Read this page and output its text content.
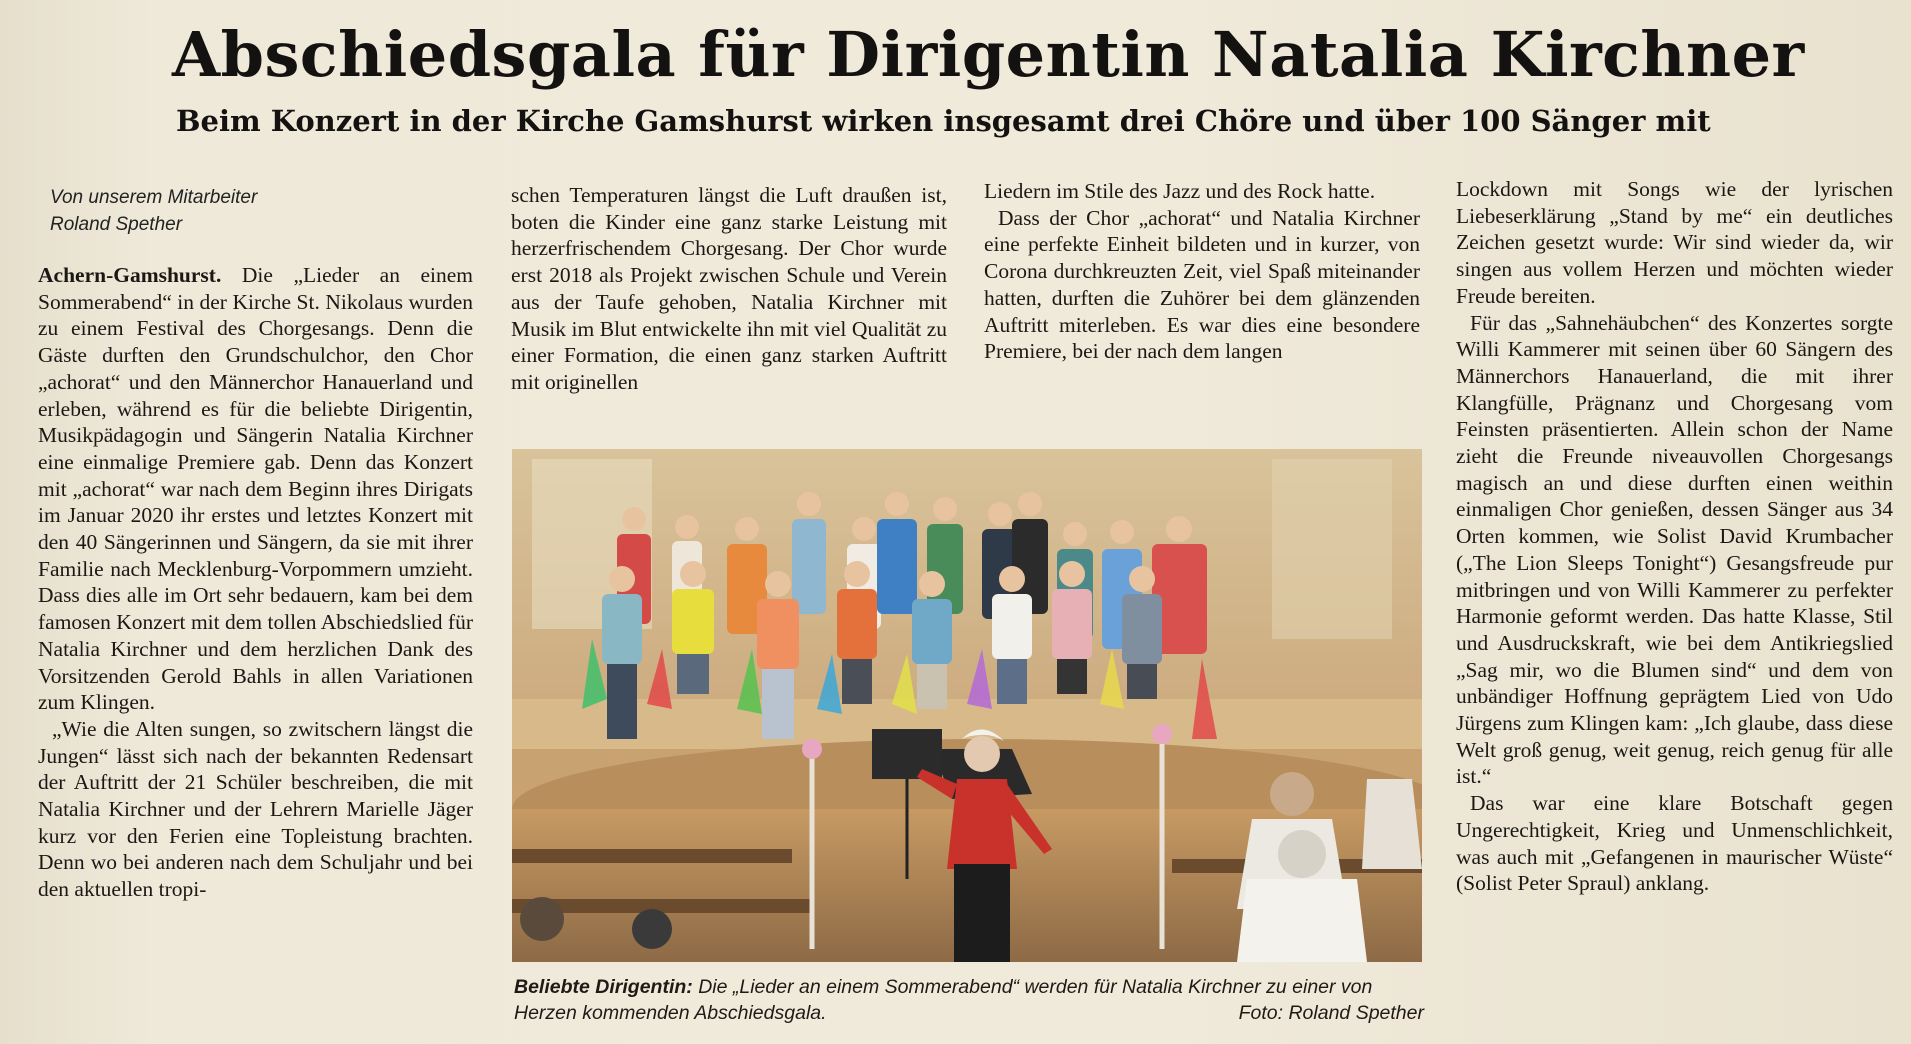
Abschiedsgala für Dirigentin Natalia Kirchner
Beim Konzert in der Kirche Gamshurst wirken insgesamt drei Chöre und über 100 Sänger mit
Von unserem Mitarbeiter
Roland Spether

Achern-Gamshurst. Die „Lieder an einem Sommerabend“ in der Kirche St. Nikolaus wurden zu einem Festival des Chorgesangs. Denn die Gäste durften den Grundschulchor, den Chor „achorat“ und den Männerchor Hanauerland und erleben, während es für die beliebte Dirigentin, Musikpädagogin und Sängerin Natalia Kirchner eine einmalige Premiere gab. Denn das Konzert mit „achorat“ war nach dem Beginn ihres Dirigats im Januar 2020 ihr erstes und letztes Konzert mit den 40 Sängerinnen und Sängern, da sie mit ihrer Familie nach Mecklenburg-Vorpommern umzieht. Dass dies alle im Ort sehr bedauern, kam bei dem famosen Konzert mit dem tollen Abschiedslied für Natalia Kirchner und dem herzlichen Dank des Vorsitzenden Gerold Bahls in allen Variationen zum Klingen.

„Wie die Alten sungen, so zwitschern längst die Jungen“ lässt sich nach der bekannten Redensart der Auftritt der 21 Schüler beschreiben, die mit Natalia Kirchner und der Lehrern Marielle Jäger kurz vor den Ferien eine Topleistung brachten. Denn wo bei anderen nach dem Schuljahr und bei den aktuellen tropi-

schen Temperaturen längst die Luft draußen ist, boten die Kinder eine ganz starke Leistung mit herzerfrischendem Chorgesang. Der Chor wurde erst 2018 als Projekt zwischen Schule und Verein aus der Taufe gehoben, Natalia Kirchner mit Musik im Blut entwickelte ihn mit viel Qualität zu einer Formation, die einen ganz starken Auftritt mit originellen

Liedern im Stile des Jazz und des Rock hatte.

Dass der Chor „achorat“ und Natalia Kirchner eine perfekte Einheit bildeten und in kurzer, von Corona durchkreuzten Zeit, viel Spaß miteinander hatten, durften die Zuhörer bei dem glänzenden Auftritt miterleben. Es war dies eine besondere Premiere, bei der nach dem langen

Lockdown mit Songs wie der lyrischen Liebeserklärung „Stand by me“ ein deutliches Zeichen gesetzt wurde: Wir sind wieder da, wir singen aus vollem Herzen und möchten wieder Freude bereiten.

Für das „Sahnehäubchen“ des Konzertes sorgte Willi Kammerer mit seinen über 60 Sängern des Männerchors Hanauerland, die mit ihrer Klangfülle, Prägnanz und Chorgesang vom Feinsten präsentierten. Allein schon der Name zieht die Freunde niveauvollen Chorgesangs magisch an und diese durften einen weithin einmaligen Chor genießen, dessen Sänger aus 34 Orten kommen, wie Solist David Krumbacher („The Lion Sleeps Tonight“) Gesangsfreude pur mitbringen und von Willi Kammerer zu perfekter Harmonie geformt werden. Das hatte Klasse, Stil und Ausdruckskraft, wie bei dem Antikriegslied „Sag mir, wo die Blumen sind“ und dem von unbändiger Hoffnung geprägtem Lied von Udo Jürgens zum Klingen kam: „Ich glaube, dass diese Welt groß genug, weit genug, reich genug für alle ist.“

Das war eine klare Botschaft gegen Ungerechtigkeit, Krieg und Unmenschlichkeit, was auch mit „Gefangenen in maurischer Wüste“ (Solist Peter Spraul) anklang.

Beliebte Dirigentin: Die „Lieder an einem Sommerabend“ werden für Natalia Kirchner zu einer von Herzen kommenden Abschiedsgala.	Foto: Roland Spether
